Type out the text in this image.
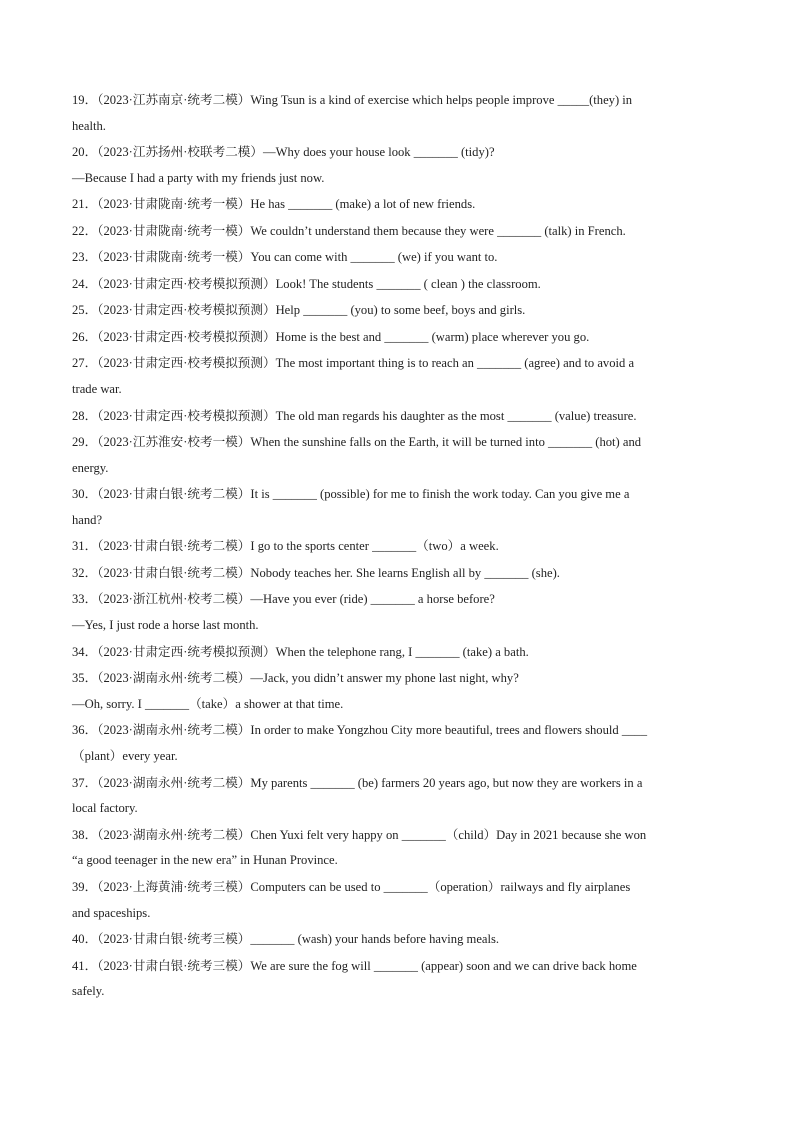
19．（2023·江苏南京·统考二模）Wing Tsun is a kind of exercise which helps people improve _____(they) in

health.

20．（2023·江苏扬州·校联考二模）—Why does your house look _______ (tidy)?

—Because I had a party with my friends just now.

21．（2023·甘肃陇南·统考一模）He has _______ (make) a lot of new friends.

22．（2023·甘肃陇南·统考一模）We couldn’t understand them because they were _______ (talk) in French.

23．（2023·甘肃陇南·统考一模）You can come with _______ (we) if you want to.

24．（2023·甘肃定西·校考模拟预测）Look! The students _______ ( clean ) the classroom.

25．（2023·甘肃定西·校考模拟预测）Help _______ (you) to some beef, boys and girls.

26．（2023·甘肃定西·校考模拟预测）Home is the best and _______ (warm) place wherever you go.

27．（2023·甘肃定西·校考模拟预测）The most important thing is to reach an _______ (agree) and to avoid a

trade war.

28．（2023·甘肃定西·校考模拟预测）The old man regards his daughter as the most _______ (value) treasure.

29．（2023·江苏淮安·校考一模）When the sunshine falls on the Earth, it will be turned into _______ (hot) and

energy.

30．（2023·甘肃白银·统考二模）It is _______ (possible) for me to finish the work today. Can you give me a

hand?

31．（2023·甘肃白银·统考二模）I go to the sports center _______（two）a week.

32．（2023·甘肃白银·统考二模）Nobody teaches her. She learns English all by _______ (she).

33．（2023·浙江杭州·校考二模）—Have you ever (ride) _______ a horse before?

—Yes, I just rode a horse last month.

34．（2023·甘肃定西·统考模拟预测）When the telephone rang, I _______ (take) a bath.

35．（2023·湖南永州·统考二模）—Jack, you didn’t answer my phone last night, why?

—Oh, sorry. I _______（take）a shower at that time.

36．（2023·湖南永州·统考二模）In order to make Yongzhou City more beautiful, trees and flowers should ____

（plant）every year.

37．（2023·湖南永州·统考二模）My parents _______ (be) farmers 20 years ago, but now they are workers in a

local factory.

38．（2023·湖南永州·统考二模）Chen Yuxi felt very happy on _______（child）Day in 2021 because she won

“a good teenager in the new era” in Hunan Province.

39．（2023·上海黄浦·统考三模）Computers can be used to _______（operation）railways and fly airplanes

and spaceships.

40．（2023·甘肃白银·统考三模）_______ (wash) your hands before having meals.

41．（2023·甘肃白银·统考三模）We are sure the fog will _______ (appear) soon and we can drive back home

safely.
